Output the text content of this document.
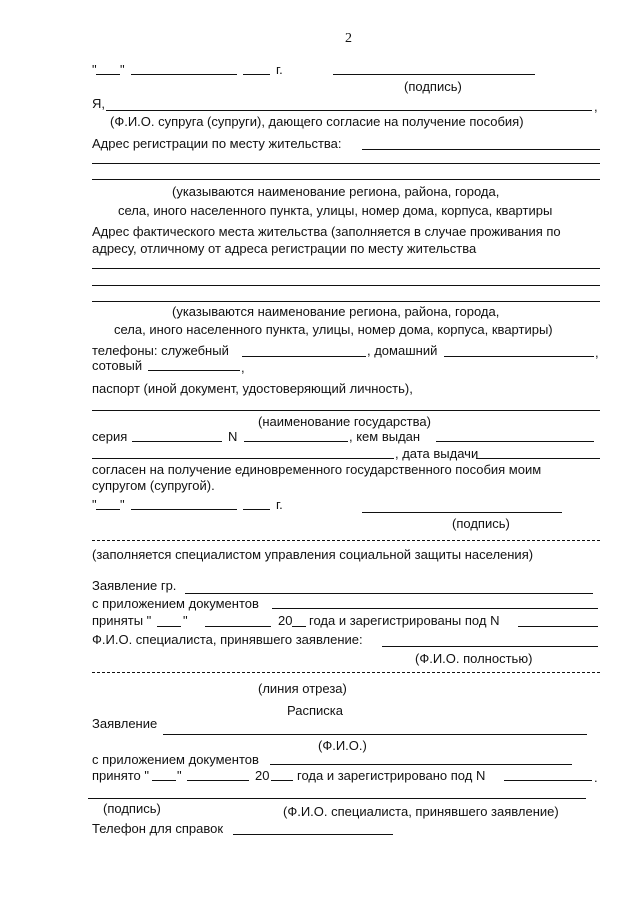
2
" "	г.
(подпись)
Я,	,
(Ф.И.О. супруга (супруги), дающего согласие на получение пособия)
Адрес регистрации по месту жительства:
(указываются наименование региона, района, города,
села, иного населенного пункта, улицы, номер дома, корпуса, квартиры
Адрес фактического места жительства (заполняется в случае проживания по
адресу, отличному от адреса регистрации по месту жительства
(указываются наименование региона, района, города,
села, иного населенного пункта, улицы, номер дома, корпуса, квартиры)
телефоны: служебный	, домашний	,
сотовый	,
паспорт (иной документ, удостоверяющий личность),
(наименование государства)
серия	N	, кем выдан
, дата выдачи
согласен на получение единовременного государственного пособия моим
супругом (супругой).
" "	г.
(подпись)
(заполняется специалистом управления социальной защиты населения)
Заявление гр.
с приложением документов
приняты " "	20 года и зарегистрированы под N
Ф.И.О. специалиста, принявшего заявление:
(Ф.И.О. полностью)
(линия отреза)
Расписка
Заявление
(Ф.И.О.)
с приложением документов
принято " "	20 года и зарегистрировано под N	.
(подпись)	(Ф.И.О. специалиста, принявшего заявление)
Телефон для справок
